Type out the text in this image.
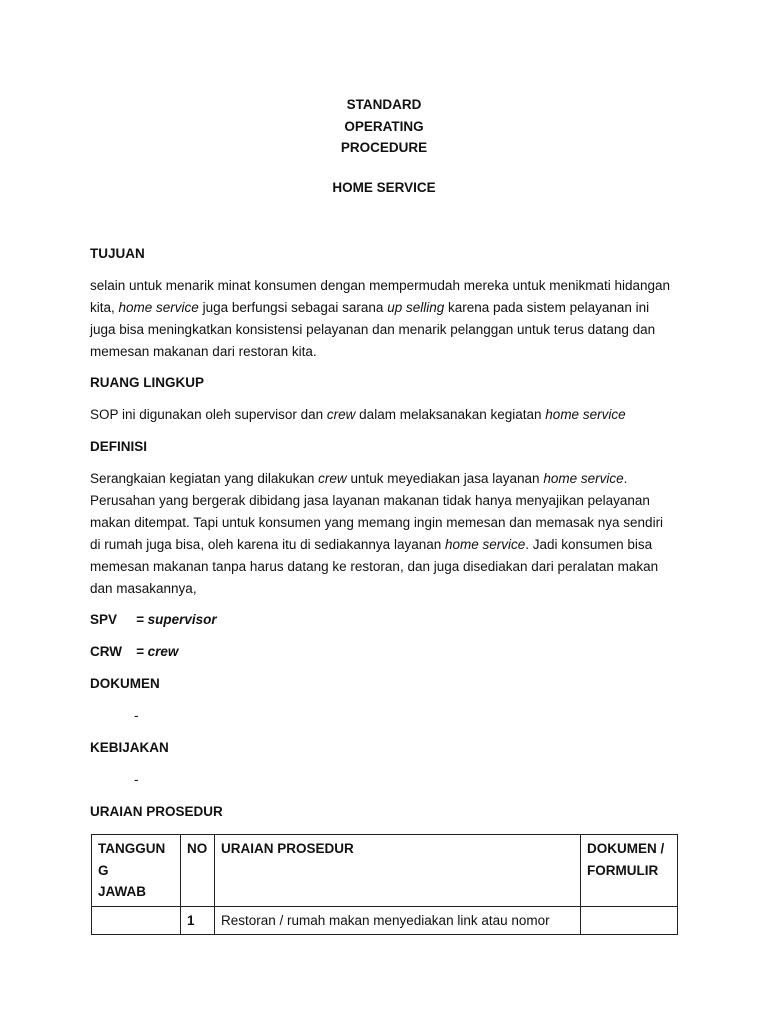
STANDARD
OPERATING
PROCEDURE
HOME SERVICE
TUJUAN
selain untuk menarik minat konsumen dengan mempermudah mereka untuk menikmati hidangan kita, home service juga berfungsi sebagai sarana up selling karena pada sistem pelayanan ini juga bisa meningkatkan konsistensi pelayanan dan menarik pelanggan untuk terus datang dan memesan makanan dari restoran kita.
RUANG LINGKUP
SOP ini digunakan oleh supervisor dan crew dalam melaksanakan kegiatan home service
DEFINISI
Serangkaian kegiatan yang dilakukan crew untuk meyediakan jasa layanan home service. Perusahan yang bergerak dibidang jasa layanan makanan tidak hanya menyajikan pelayanan makan ditempat. Tapi untuk konsumen yang memang ingin memesan dan memasak nya sendiri di rumah juga bisa, oleh karena itu di sediakannya layanan home service. Jadi konsumen bisa memesan makanan tanpa harus datang ke restoran, dan juga disediakan dari peralatan makan dan masakannya,
SPV = supervisor
CRW = crew
DOKUMEN
-
KEBIJAKAN
-
URAIAN PROSEDUR
TANGGUN
G
JAWAB	NO	URAIAN PROSEDUR	DOKUMEN /
FORMULIR
	1	Restoran / rumah makan menyediakan link atau nomor	
